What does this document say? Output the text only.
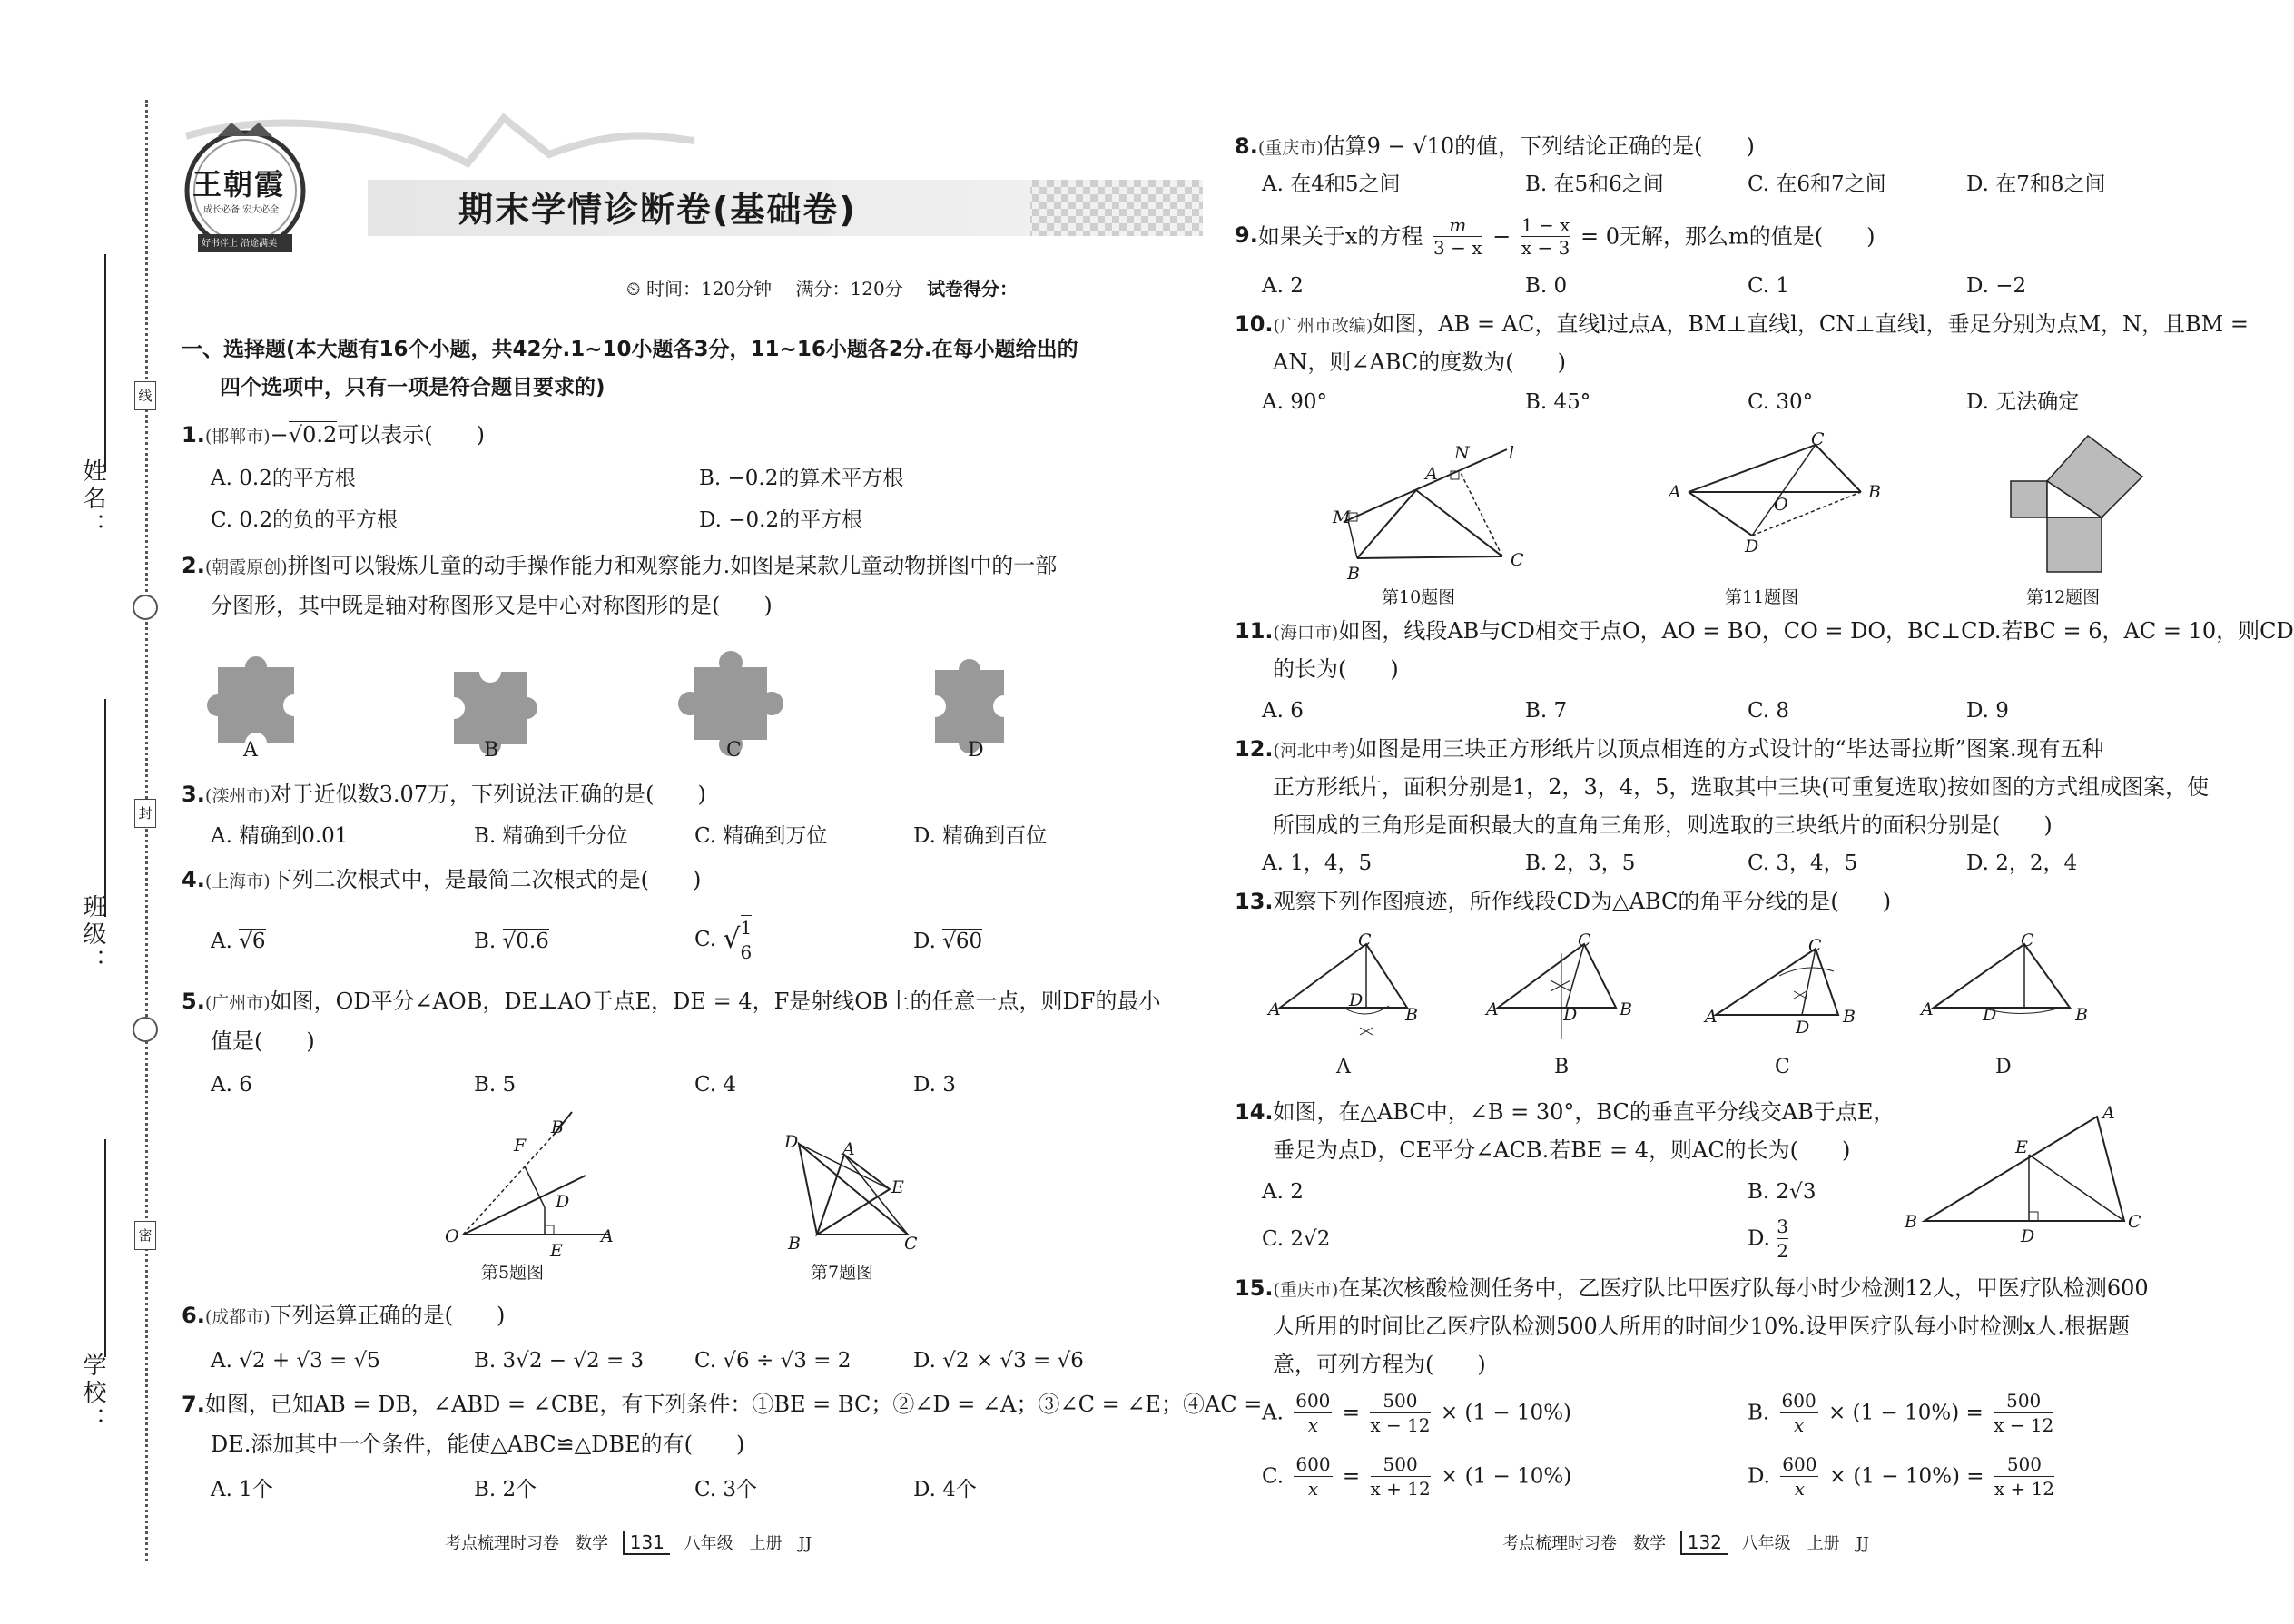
姓名：
班级：
学校：
线
封
密
王朝霞
成长必备 宏大必全
好书伴上 沿途满美
期末学情诊断卷(基础卷)
⏲ 时间：120分钟　 满分：120分　 试卷得分：
一、选择题(本大题有16个小题，共42分.1~10小题各3分，11~16小题各2分.在每小题给出的
四个选项中，只有一项是符合题目要求的)
1.(邯郸市)−√0.2可以表示(　　)
A. 0.2的平方根	B. −0.2的算术平方根
C. 0.2的负的平方根	D. −0.2的平方根
2.(朝霞原创)拼图可以锻炼儿童的动手操作能力和观察能力.如图是某款儿童动物拼图中的一部
分图形，其中既是轴对称图形又是中心对称图形的是(　　)
A	B	C	D
3.(滦州市)对于近似数3.07万，下列说法正确的是(　　)
A. 精确到0.01	B. 精确到千分位	C. 精确到万位	D. 精确到百位
4.(上海市)下列二次根式中，是最简二次根式的是(　　)
A. √6	B. √0.6	C. √ $\frac{1}{6}$	D. √60
5.(广州市)如图，OD平分∠AOB，DE⊥AO于点E，DE = 4，F是射线OB上的任意一点，则DF的最小
值是(　　)
A. 6	B. 5	C. 4	D. 3
O	A
B
F
D
E
第5题图
D	A
E
B	C
第7题图
6.(成都市)下列运算正确的是(　　)
A. √2 + √3 = √5	B. 3√2 − √2 = 3 C. √6 ÷ √3 = 2	D. √2 × √3 = √6
7.如图，已知AB = DB，∠ABD = ∠CBE，有下列条件：①BE = BC；②∠D = ∠A；③∠C = ∠E；④AC =
DE.添加其中一个条件，能使△ABC≌△DBE的有(　　)
A. 1个	B. 2个	C. 3个	D. 4个
考点梳理时习卷　数学 131 八年级　上册　JJ
8.(重庆市)估算9 − √10的值，下列结论正确的是(　　)
A. 在4和5之间	B. 在5和6之间	C. 在6和7之间	D. 在7和8之间
9.如果关于x的方程 $\frac{m}{3 - x} - \frac{1 - x}{x - 3} = 0$无解，那么m的值是(　　)
A. 2	B. 0	C. 1	D. −2
10.(广州市改编)如图，AB = AC，直线l过点A，BM⊥直线l，CN⊥直线l，垂足分别为点M，N，且BM =
AN，则∠ABC的度数为(　　)
A. 90°	B. 45°	C. 30°	D. 无法确定
N l
A
M
B
C
第10题图
C
A	B
O
D
第11题图	第12题图
11.(海口市)如图，线段AB与CD相交于点O，AO = BO，CO = DO，BC⊥CD.若BC = 6，AC = 10，则CD
的长为(　　)
A. 6	B. 7	C. 8	D. 9
12.(河北中考)如图是用三块正方形纸片以顶点相连的方式设计的“毕达哥拉斯”图案.现有五种
正方形纸片，面积分别是1，2，3，4，5，选取其中三块(可重复选取)按如图的方式组成图案，使
所围成的三角形是面积最大的直角三角形，则选取的三块纸片的面积分别是(　　)
A. 1，4，5	B. 2，3，5	C. 3，4，5	D. 2，2，4
13.观察下列作图痕迹，所作线段CD为△ABC的角平分线的是(　　)
A	B
C
D	A	B
C
D	A	B
C
D
A	B
C
D
A	B	C	D
14.如图，在△ABC中，∠B = 30°，BC的垂直平分线交AB于点E，
垂足为点D，CE平分∠ACB.若BE = 4，则AC的长为(　　)
A. 2	B. 2√3
C. 2√2	D. $\frac{3}{2}$
A
E
B
D
C
15.(重庆市)在某次核酸检测任务中，乙医疗队比甲医疗队每小时少检测12人，甲医疗队检测600
人所用的时间比乙医疗队检测500人所用的时间少10%.设甲医疗队每小时检测x人.根据题
意，可列方程为(　　)
A. $\frac{600}{x} = \frac{500}{x - 12} \times (1 - 10\%)$	B. $\frac{600}{x} \times (1 - 10\%) = \frac{500}{x - 12}$
C. $\frac{600}{x} = \frac{500}{x + 12} \times (1 - 10\%)$	D. $\frac{600}{x} \times (1 - 10\%) = \frac{500}{x + 12}$
考点梳理时习卷　数学 132 八年级　上册　JJ
